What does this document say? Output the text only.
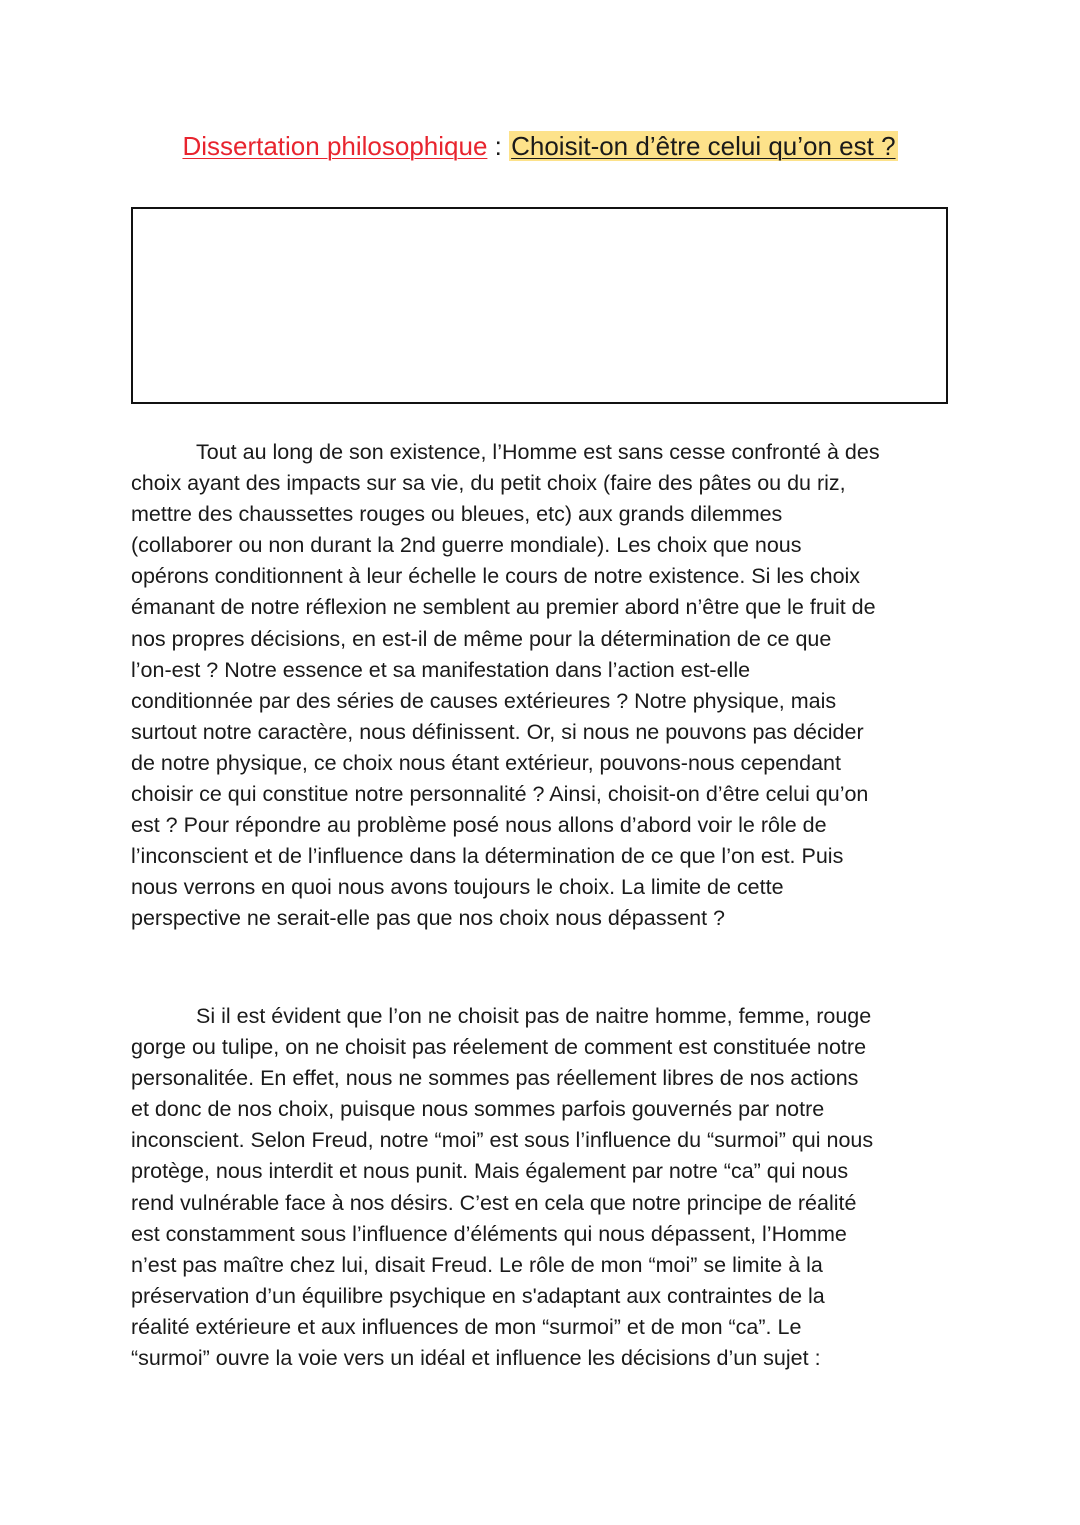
Dissertation philosophique : Choisit-on d’être celui qu’on est ?
Tout au long de son existence, l’Homme est sans cesse confronté à des
choix ayant des impacts sur sa vie, du petit choix (faire des pâtes ou du riz,
mettre des chaussettes rouges ou bleues, etc) aux grands dilemmes
(collaborer ou non durant la 2nd guerre mondiale). Les choix que nous
opérons conditionnent à leur échelle le cours de notre existence. Si les choix
émanant de notre réflexion ne semblent au premier abord n’être que le fruit de
nos propres décisions, en est-il de même pour la détermination de ce que
l’on-est ? Notre essence et sa manifestation dans l’action est-elle
conditionnée par des séries de causes extérieures ? Notre physique, mais
surtout notre caractère, nous définissent. Or, si nous ne pouvons pas décider
de notre physique, ce choix nous étant extérieur, pouvons-nous cependant
choisir ce qui constitue notre personnalité ? Ainsi, choisit-on d’être celui qu’on
est ? Pour répondre au problème posé nous allons d’abord voir le rôle de
l’inconscient et de l’influence dans la détermination de ce que l’on est. Puis
nous verrons en quoi nous avons toujours le choix. La limite de cette
perspective ne serait-elle pas que nos choix nous dépassent ?
Si il est évident que l’on ne choisit pas de naitre homme, femme, rouge
gorge ou tulipe, on ne choisit pas réelement de comment est constituée notre
personalitée. En effet, nous ne sommes pas réellement libres de nos actions
et donc de nos choix, puisque nous sommes parfois gouvernés par notre
inconscient. Selon Freud, notre “moi” est sous l’influence du “surmoi” qui nous
protège, nous interdit et nous punit. Mais également par notre “ca” qui nous
rend vulnérable face à nos désirs. C’est en cela que notre principe de réalité
est constamment sous l’influence d’éléments qui nous dépassent, l’Homme
n’est pas maître chez lui, disait Freud. Le rôle de mon “moi” se limite à la
préservation d’un équilibre psychique en s'adaptant aux contraintes de la
réalité extérieure et aux influences de mon “surmoi” et de mon “ca”. Le
“surmoi” ouvre la voie vers un idéal et influence les décisions d’un sujet :
